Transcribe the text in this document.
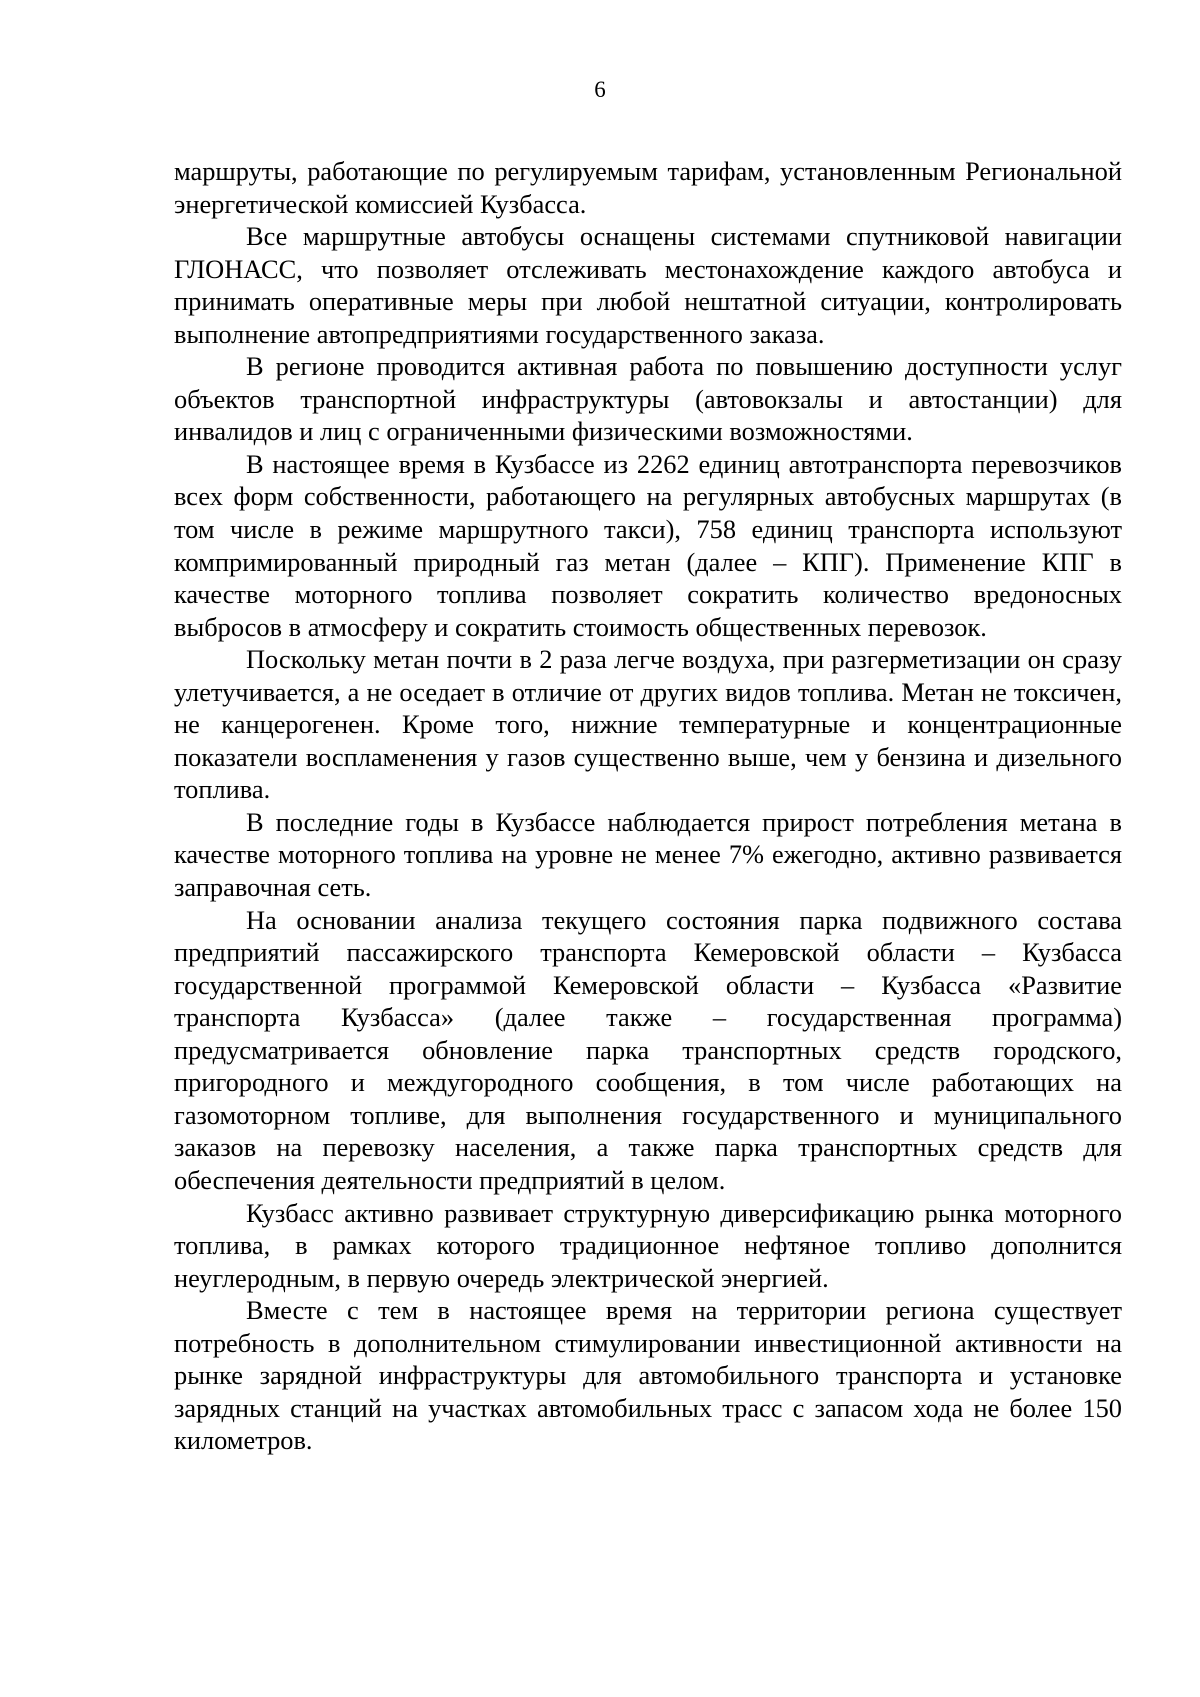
6

маршруты, работающие по регулируемым тарифам, установленным Региональной энергетической комиссией Кузбасса.

Все маршрутные автобусы оснащены системами спутниковой навигации ГЛОНАСС, что позволяет отслеживать местонахождение каждого автобуса и принимать оперативные меры при любой нештатной ситуации, контролировать выполнение автопредприятиями государственного заказа.

В регионе проводится активная работа по повышению доступности услуг объектов транспортной инфраструктуры (автовокзалы и автостанции) для инвалидов и лиц с ограниченными физическими возможностями.

В настоящее время в Кузбассе из 2262 единиц автотранспорта перевозчиков всех форм собственности, работающего на регулярных автобусных маршрутах (в том числе в режиме маршрутного такси), 758 единиц транспорта используют компримированный природный газ метан (далее – КПГ). Применение КПГ в качестве моторного топлива позволяет сократить количество вредоносных выбросов в атмосферу и сократить стоимость общественных перевозок.

Поскольку метан почти в 2 раза легче воздуха, при разгерметизации он сразу улетучивается, а не оседает в отличие от других видов топлива. Метан не токсичен, не канцерогенен. Кроме того, нижние температурные и концентрационные показатели воспламенения у газов существенно выше, чем у бензина и дизельного топлива.

В последние годы в Кузбассе наблюдается прирост потребления метана в качестве моторного топлива на уровне не менее 7% ежегодно, активно развивается заправочная сеть.

На основании анализа текущего состояния парка подвижного состава предприятий пассажирского транспорта Кемеровской области – Кузбасса государственной программой Кемеровской области – Кузбасса «Развитие транспорта Кузбасса» (далее также – государственная программа) предусматривается обновление парка транспортных средств городского, пригородного и междугородного сообщения, в том числе работающих на газомоторном топливе, для выполнения государственного и муниципального заказов на перевозку населения, а также парка транспортных средств для обеспечения деятельности предприятий в целом.

Кузбасс активно развивает структурную диверсификацию рынка моторного топлива, в рамках которого традиционное нефтяное топливо дополнится неуглеродным, в первую очередь электрической энергией.

Вместе с тем в настоящее время на территории региона существует потребность в дополнительном стимулировании инвестиционной активности на рынке зарядной инфраструктуры для автомобильного транспорта и установке зарядных станций на участках автомобильных трасс с запасом хода не более 150 километров.
